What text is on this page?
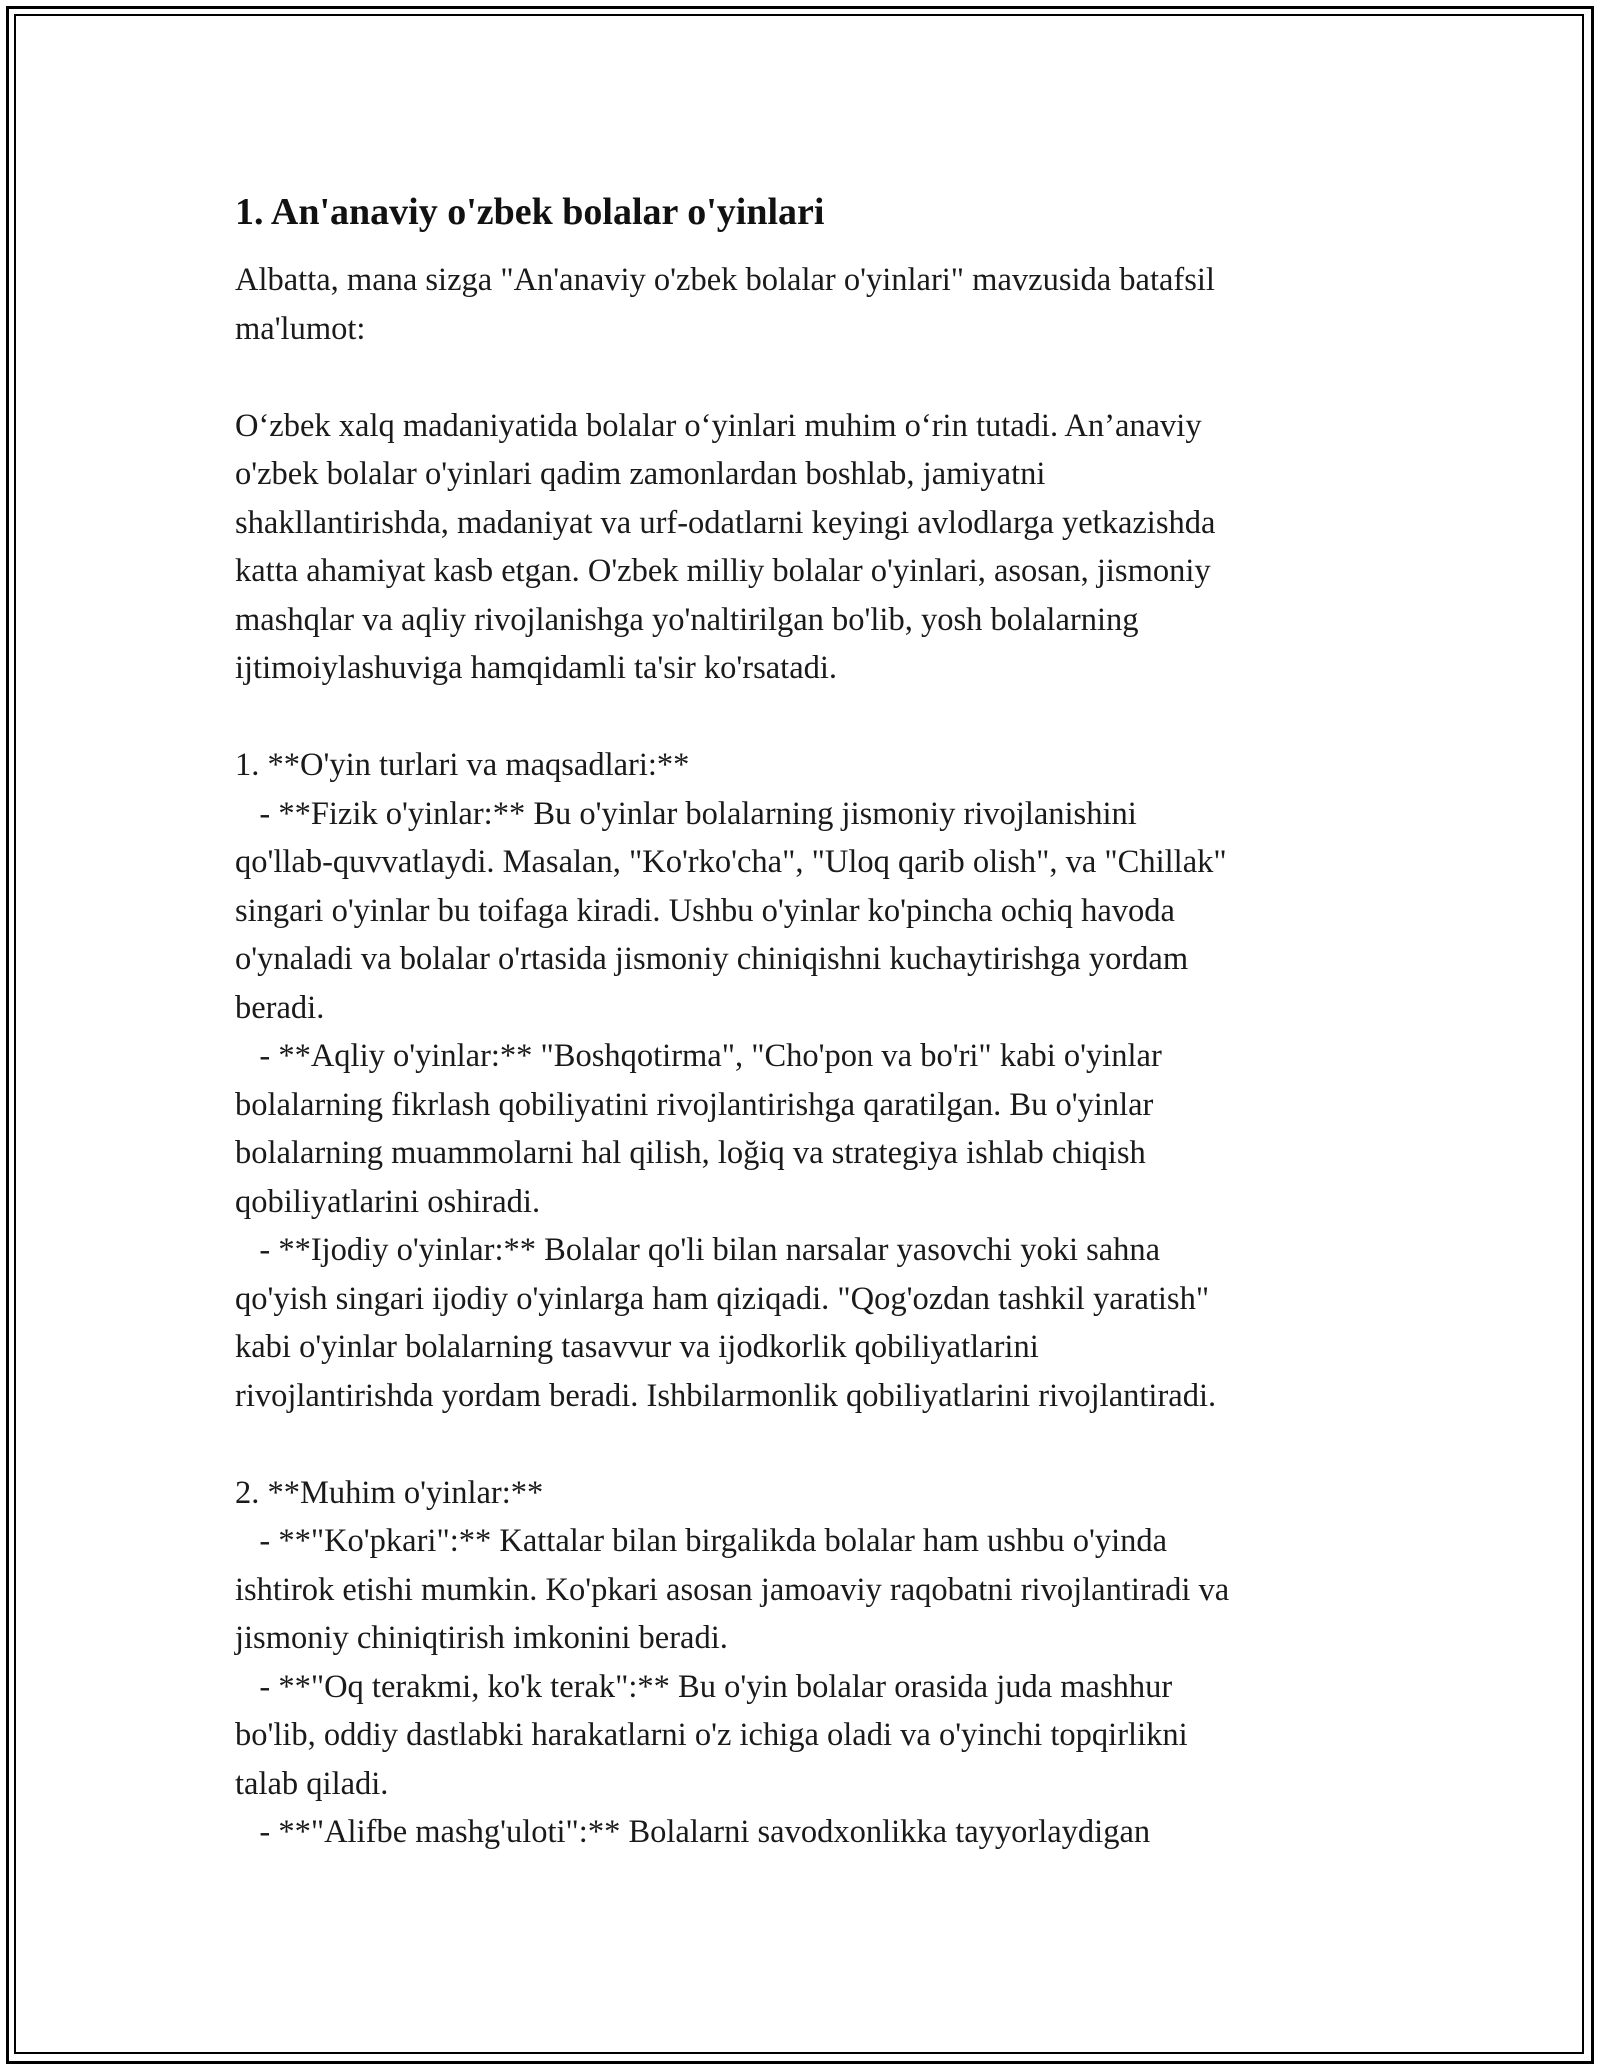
1. An'anaviy o'zbek bolalar o'yinlari

Albatta, mana sizga "An'anaviy o'zbek bolalar o'yinlari" mavzusida batafsil
ma'lumot:

O‘zbek xalq madaniyatida bolalar o‘yinlari muhim o‘rin tutadi. An’anaviy
o'zbek bolalar o'yinlari qadim zamonlardan boshlab, jamiyatni
shakllantirishda, madaniyat va urf-odatlarni keyingi avlodlarga yetkazishda
katta ahamiyat kasb etgan. O'zbek milliy bolalar o'yinlari, asosan, jismoniy
mashqlar va aqliy rivojlanishga yo'naltirilgan bo'lib, yosh bolalarning
ijtimoiylashuviga hamqidamli ta'sir ko'rsatadi.

1. **O'yin turlari va maqsadlari:**
- **Fizik o'yinlar:** Bu o'yinlar bolalarning jismoniy rivojlanishini
qo'llab-quvvatlaydi. Masalan, "Ko'rko'cha", "Uloq qarib olish", va "Chillak"
singari o'yinlar bu toifaga kiradi. Ushbu o'yinlar ko'pincha ochiq havoda
o'ynaladi va bolalar o'rtasida jismoniy chiniqishni kuchaytirishga yordam
beradi.
- **Aqliy o'yinlar:** "Boshqotirma", "Cho'pon va bo'ri" kabi o'yinlar
bolalarning fikrlash qobiliyatini rivojlantirishga qaratilgan. Bu o'yinlar
bolalarning muammolarni hal qilish, loğiq va strategiya ishlab chiqish
qobiliyatlarini oshiradi.
- **Ijodiy o'yinlar:** Bolalar qo'li bilan narsalar yasovchi yoki sahna
qo'yish singari ijodiy o'yinlarga ham qiziqadi. "Qog'ozdan tashkil yaratish"
kabi o'yinlar bolalarning tasavvur va ijodkorlik qobiliyatlarini
rivojlantirishda yordam beradi. Ishbilarmonlik qobiliyatlarini rivojlantiradi.

2. **Muhim o'yinlar:**
- **"Ko'pkari":** Kattalar bilan birgalikda bolalar ham ushbu o'yinda
ishtirok etishi mumkin. Ko'pkari asosan jamoaviy raqobatni rivojlantiradi va
jismoniy chiniqtirish imkonini beradi.
- **"Oq terakmi, ko'k terak":** Bu o'yin bolalar orasida juda mashhur
bo'lib, oddiy dastlabki harakatlarni o'z ichiga oladi va o'yinchi topqirlikni
talab qiladi.
- **"Alifbe mashg'uloti":** Bolalarni savodxonlikka tayyorlaydigan
